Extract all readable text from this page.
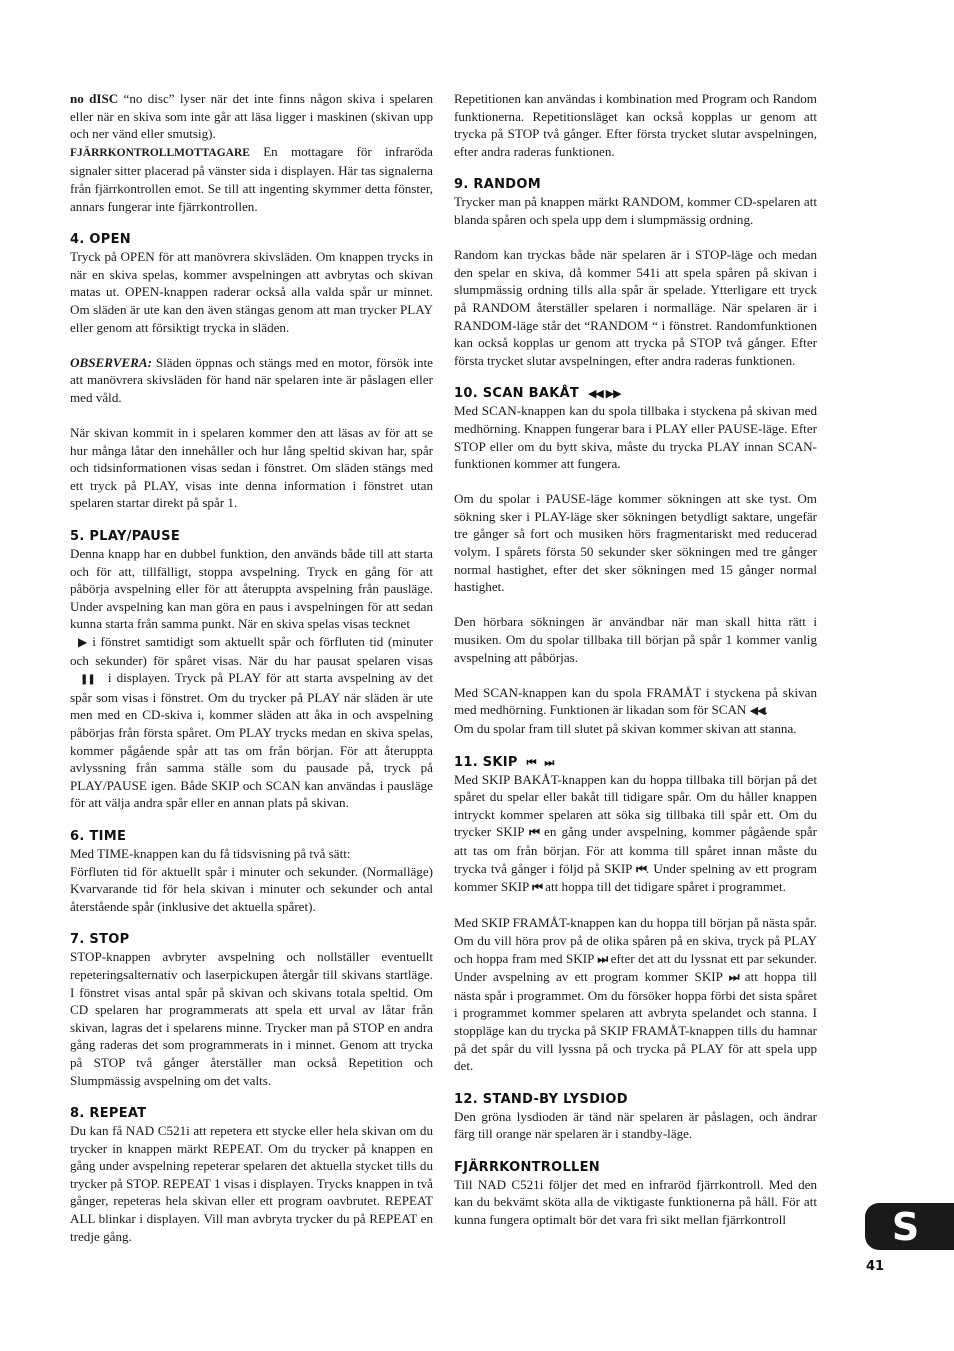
no dISC “no disc” lyser när det inte finns någon skiva i spelaren eller när en skiva som inte går att läsa ligger i maskinen (skivan upp och ner vänd eller smutsig).

FJÄRRKONTROLLMOTTAGARE En mottagare för infraröda signaler sitter placerad på vänster sida i displayen. Här tas signalerna från fjärrkontrollen emot. Se till att ingenting skymmer detta fönster, annars fungerar inte fjärrkontrollen.

4. OPEN

Tryck på OPEN för att manövrera skivsläden. Om knappen trycks in när en skiva spelas, kommer avspelningen att avbrytas och skivan matas ut. OPEN-knappen raderar också alla valda spår ur minnet. Om släden är ute kan den även stängas genom att man trycker PLAY eller genom att försiktigt trycka in släden.

OBSERVERA: Släden öppnas och stängs med en motor, försök inte att manövrera skivsläden för hand när spelaren inte är påslagen eller med våld.

När skivan kommit in i spelaren kommer den att läsas av för att se hur många låtar den innehåller och hur lång speltid skivan har, spår och tidsinformationen visas sedan i fönstret. Om släden stängs med ett tryck på PLAY, visas inte denna information i fönstret utan spelaren startar direkt på spår 1.

5. PLAY/PAUSE

Denna knapp har en dubbel funktion, den används både till att starta och för att, tillfälligt, stoppa avspelning. Tryck en gång för att påbörja avspelning eller för att återuppta avspelning från pausläge. Under avspelning kan man göra en paus i avspelningen för att sedan kunna starta från samma punkt. När en skiva spelas visas tecknet
▶ i fönstret samtidigt som aktuellt spår och förfluten tid (minuter och sekunder) för spåret visas. När du har pausat spelaren visas ❚❚ i displayen. Tryck på PLAY för att starta avspelning av det spår som visas i fönstret. Om du trycker på PLAY när släden är ute men med en CD-skiva i, kommer släden att åka in och avspelning påbörjas från första spåret. Om PLAY trycks medan en skiva spelas, kommer pågående spår att tas om från början. För att återuppta avlyssning från samma ställe som du pausade på, tryck på PLAY/PAUSE igen. Både SKIP och SCAN kan användas i pausläge för att välja andra spår eller en annan plats på skivan.

6. TIME

Med TIME-knappen kan du få tidsvisning på två sätt:

Förfluten tid för aktuellt spår i minuter och sekunder. (Normalläge) Kvarvarande tid för hela skivan i minuter och sekunder och antal återstående spår (inklusive det aktuella spåret).

7. STOP

STOP-knappen avbryter avspelning och nollställer eventuellt repeteringsalternativ och laserpickupen återgår till skivans startläge. I fönstret visas antal spår på skivan och skivans totala speltid. Om CD spelaren har programmerats att spela ett urval av låtar från skivan, lagras det i spelarens minne. Trycker man på STOP en andra gång raderas det som programmerats in i minnet. Genom att trycka på STOP två gånger återställer man också Repetition och Slumpmässig avspelning om det valts.

8. REPEAT

Du kan få NAD C521i att repetera ett stycke eller hela skivan om du trycker in knappen märkt REPEAT. Om du trycker på knappen en gång under avspelning repeterar spelaren det aktuella stycket tills du trycker på STOP. REPEAT 1 visas i displayen. Trycks knappen in två gånger, repeteras hela skivan eller ett program oavbrutet. REPEAT ALL blinkar i displayen. Vill man avbryta trycker du på REPEAT en tredje gång.

Repetitionen kan användas i kombination med Program och Random funktionerna. Repetitionsläget kan också kopplas ur genom att trycka på STOP två gånger. Efter första trycket slutar avspelningen, efter andra raderas funktionen.

9. RANDOM

Trycker man på knappen märkt RANDOM, kommer CD-spelaren att blanda spåren och spela upp dem i slumpmässig ordning.

Random kan tryckas både när spelaren är i STOP-läge och medan den spelar en skiva, då kommer 541i att spela spåren på skivan i slumpmässig ordning tills alla spår är spelade. Ytterligare ett tryck på RANDOM återställer spelaren i normalläge. När spelaren är i RANDOM-läge står det “RANDOM “ i fönstret. Randomfunktionen kan också kopplas ur genom att trycka på STOP två gånger. Efter första trycket slutar avspelningen, efter andra raderas funktionen.

10. SCAN BAKÅT ◀◀ ▶▶

Med SCAN-knappen kan du spola tillbaka i styckena på skivan med medhörning. Knappen fungerar bara i PLAY eller PAUSE-läge. Efter STOP eller om du bytt skiva, måste du trycka PLAY innan SCAN- funktionen kommer att fungera.

Om du spolar i PAUSE-läge kommer sökningen att ske tyst. Om sökning sker i PLAY-läge sker sökningen betydligt saktare, ungefär tre gånger så fort och musiken hörs fragmentariskt med reducerad volym. I spårets första 50 sekunder sker sökningen med tre gånger normal hastighet, efter det sker sökningen med 15 gånger normal hastighet.

Den hörbara sökningen är användbar när man skall hitta rätt i musiken. Om du spolar tillbaka till början på spår 1 kommer vanlig avspelning att påbörjas.

Med SCAN-knappen kan du spola FRAMÅT i styckena på skivan med medhörning. Funktionen är likadan som för SCAN ◀◀.

Om du spolar fram till slutet på skivan kommer skivan att stanna.

11. SKIP ⏮ ⏭

Med SKIP BAKÅT-knappen kan du hoppa tillbaka till början på det spåret du spelar eller bakåt till tidigare spår. Om du håller knappen intryckt kommer spelaren att söka sig tillbaka till spår ett. Om du trycker SKIP ⏮ en gång under avspelning, kommer pågående spår att tas om från början. För att komma till spåret innan måste du trycka två gånger i följd på SKIP ⏮. Under spelning av ett program kommer SKIP ⏮ att hoppa till det tidigare spåret i programmet.

Med SKIP FRAMÅT-knappen kan du hoppa till början på nästa spår. Om du vill höra prov på de olika spåren på en skiva, tryck på PLAY och hoppa fram med SKIP ⏭ efter det att du lyssnat ett par sekunder. Under avspelning av ett program kommer SKIP ⏭ att hoppa till nästa spår i programmet. Om du försöker hoppa förbi det sista spåret i programmet kommer spelaren att avbryta spelandet och stanna. I stoppläge kan du trycka på SKIP FRAMÅT-knappen tills du hamnar på det spår du vill lyssna på och trycka på PLAY för att spela upp det.

12. STAND-BY LYSDIOD

Den gröna lysdioden är tänd när spelaren är påslagen, och ändrar färg till orange när spelaren är i standby-läge.

FJÄRRKONTROLLEN

Till NAD C521i följer det med en infraröd fjärrkontroll. Med den kan du bekvämt sköta alla de viktigaste funktionerna på håll. För att kunna fungera optimalt bör det vara fri sikt mellan fjärrkontroll	S
41
